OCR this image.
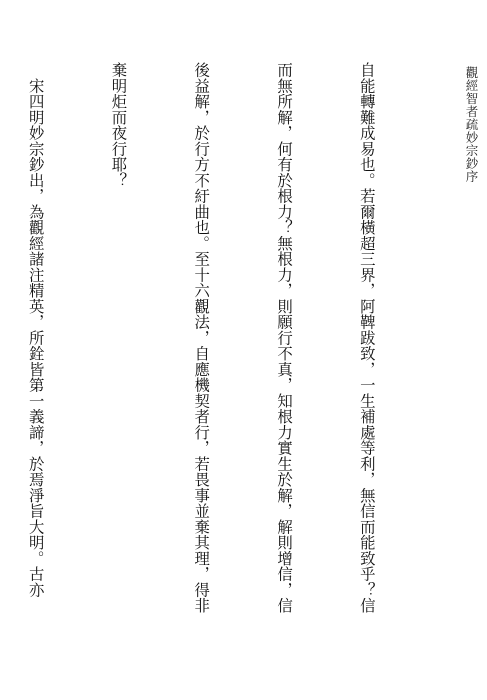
觀經智者疏妙宗鈔序

自能轉難成易也。若爾橫超三界，阿鞞跋致，一生補處等利，無信而能致乎？信

而無所解，何有於根力？無根力，則願行不真，知根力實生於解，解則增信，信

後益解，於行方不紆曲也。至十六觀法，自應機契者行，若畏事並棄其理，得非

棄明炬而夜行耶？

　宋四明妙宗鈔出，為觀經諸注精英，所銓皆第一義諦，於焉淨旨大明。古亦
